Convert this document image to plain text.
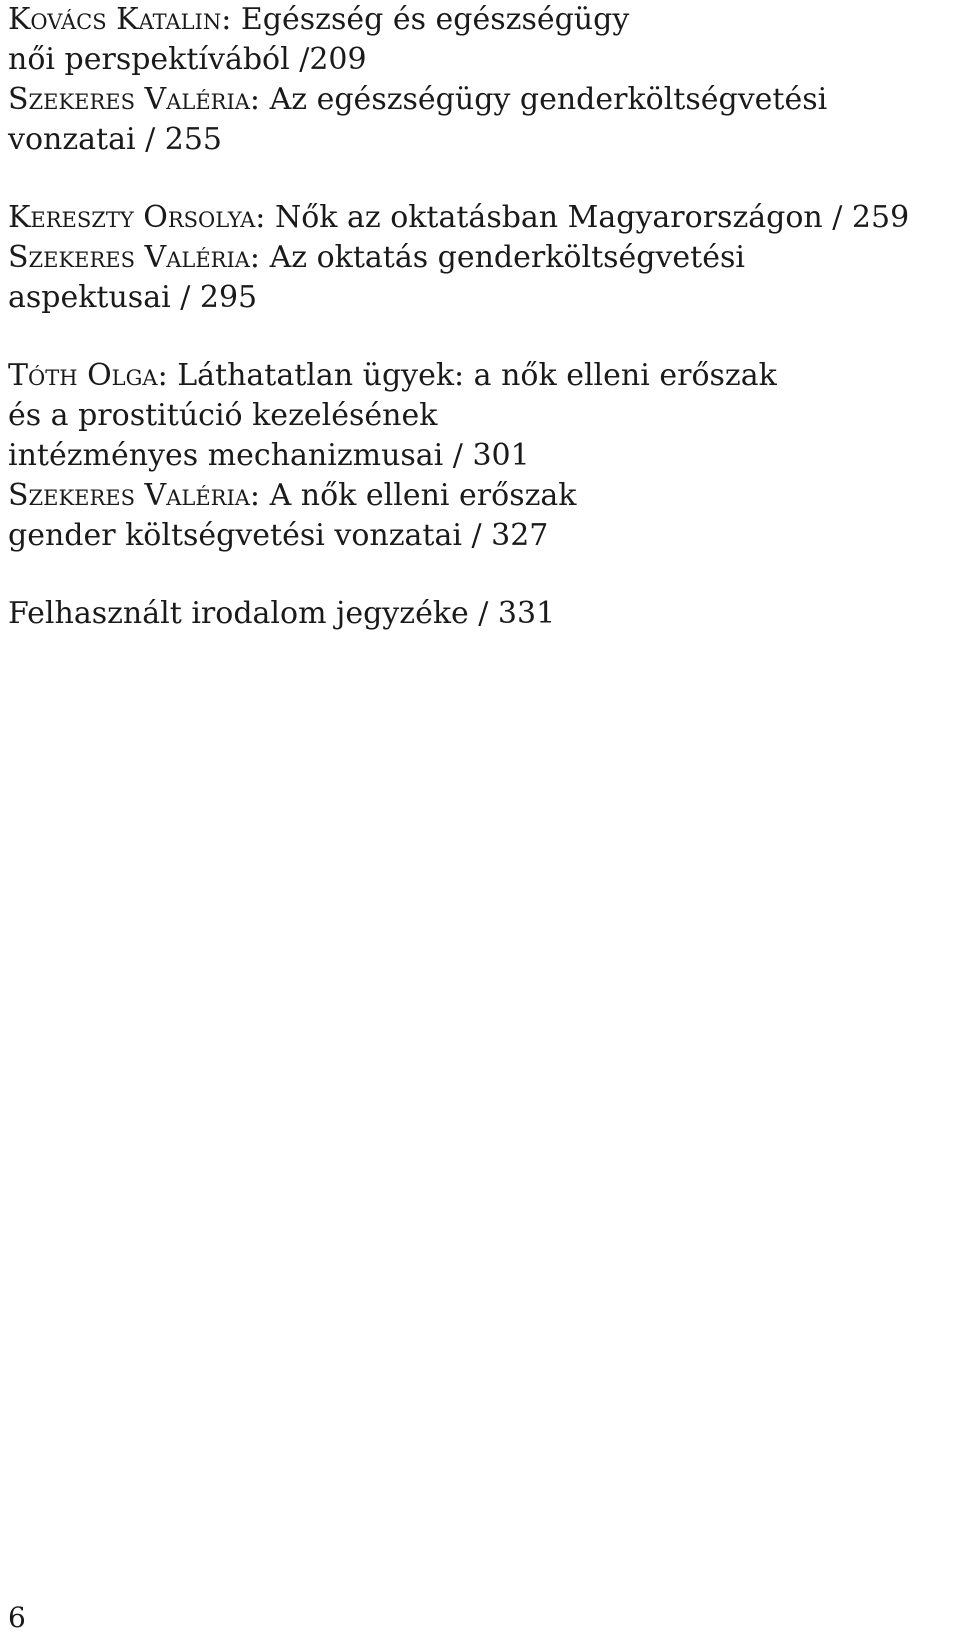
Kovács Katalin: Egészség és egészségügy
női perspektívából /209
Szekeres Valéria: Az egészségügy genderköltségvetési
vonzatai / 255
Kereszty Orsolya: Nők az oktatásban Magyarországon / 259
Szekeres Valéria: Az oktatás genderköltségvetési
aspektusai / 295
Tóth Olga: Láthatatlan ügyek: a nők elleni erőszak
és a prostitúció kezelésének
intézményes mechanizmusai / 301
Szekeres Valéria: A nők elleni erőszak
gender költségvetési vonzatai / 327
Felhasznált irodalom jegyzéke / 331
6
